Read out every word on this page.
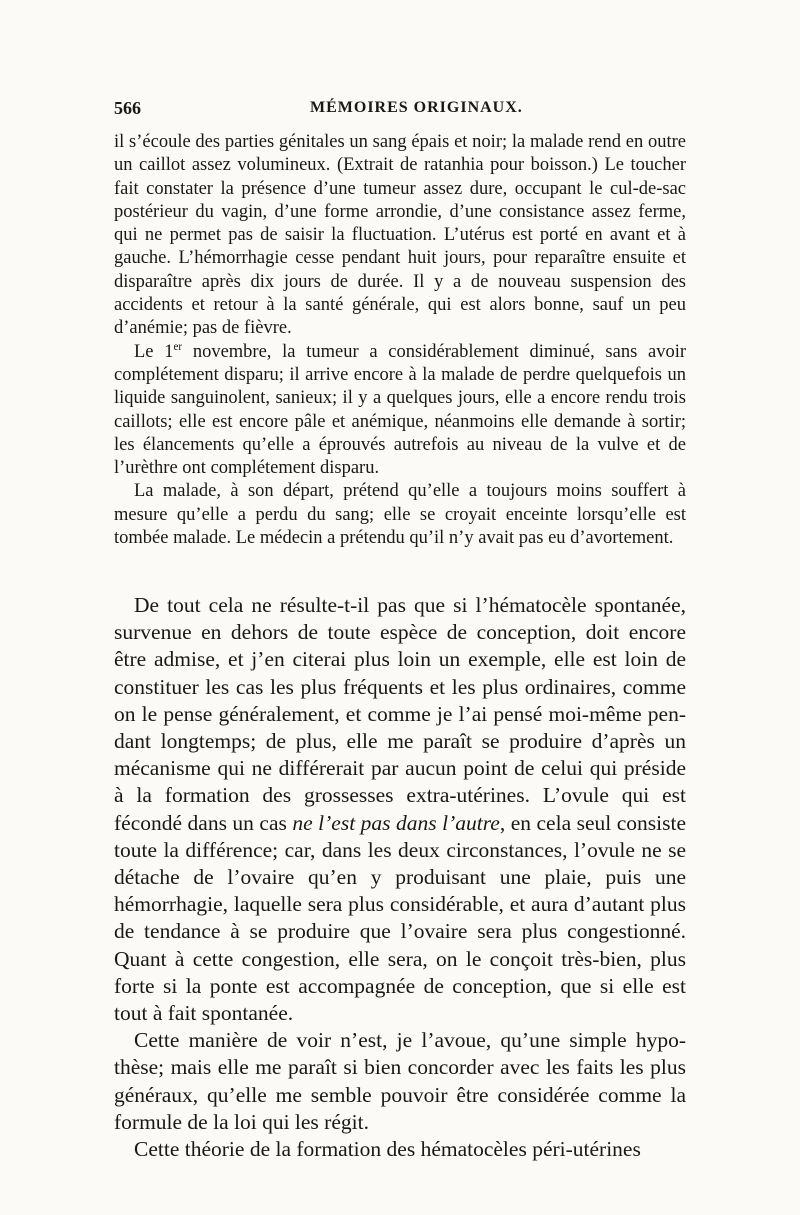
566	MÉMOIRES ORIGINAUX.

il s’écoule des parties génitales un sang épais et noir; la malade rend en outre un caillot assez volumineux. (Extrait de ratanhia pour boisson.) Le toucher fait constater la présence d’une tumeur assez dure, occupant le cul-de-sac postérieur du vagin, d’une forme arrondie, d’une consistance assez ferme, qui ne permet pas de saisir la fluctuation. L’utérus est porté en avant et à gauche. L’hémorrhagie cesse pendant huit jours, pour reparaître ensuite et disparaître après dix jours de durée. Il y a de nouveau suspension des accidents et retour à la santé générale, qui est alors bonne, sauf un peu d’anémie; pas de fièvre.

Le 1er novembre, la tumeur a considérablement diminué, sans avoir complétement disparu; il arrive encore à la malade de perdre quelquefois un liquide sanguinolent, sanieux; il y a quelques jours, elle a encore rendu trois caillots; elle est encore pâle et anémique, néanmoins elle demande à sortir; les élancements qu’elle a éprouvés autrefois au niveau de la vulve et de l’urèthre ont complétement disparu.

La malade, à son départ, prétend qu’elle a toujours moins souffert à mesure qu’elle a perdu du sang; elle se croyait enceinte lorsqu’elle est tombée malade. Le médecin a prétendu qu’il n’y avait pas eu d’avortement.

De tout cela ne résulte-t-il pas que si l’hématocèle spontanée, survenue en dehors de toute espèce de conception, doit encore être admise, et j’en citerai plus loin un exemple, elle est loin de constituer les cas les plus fréquents et les plus ordinaires, comme on le pense généralement, et comme je l’ai pensé moi-même pendant longtemps; de plus, elle me paraît se produire d’après un mécanisme qui ne différerait par aucun point de celui qui préside à la formation des grossesses extra-utérines. L’ovule qui est fécondé dans un cas ne l’est pas dans l’autre, en cela seul consiste toute la différence; car, dans les deux circonstances, l’ovule ne se détache de l’ovaire qu’en y produisant une plaie, puis une hémorrhagie, laquelle sera plus considérable, et aura d’autant plus de tendance à se produire que l’ovaire sera plus congestionné. Quant à cette congestion, elle sera, on le conçoit très-bien, plus forte si la ponte est accompagnée de conception, que si elle est tout à fait spontanée.

Cette manière de voir n’est, je l’avoue, qu’une simple hypothèse; mais elle me paraît si bien concorder avec les faits les plus généraux, qu’elle me semble pouvoir être considérée comme la formule de la loi qui les régit.

Cette théorie de la formation des hématocèles péri-utérines
